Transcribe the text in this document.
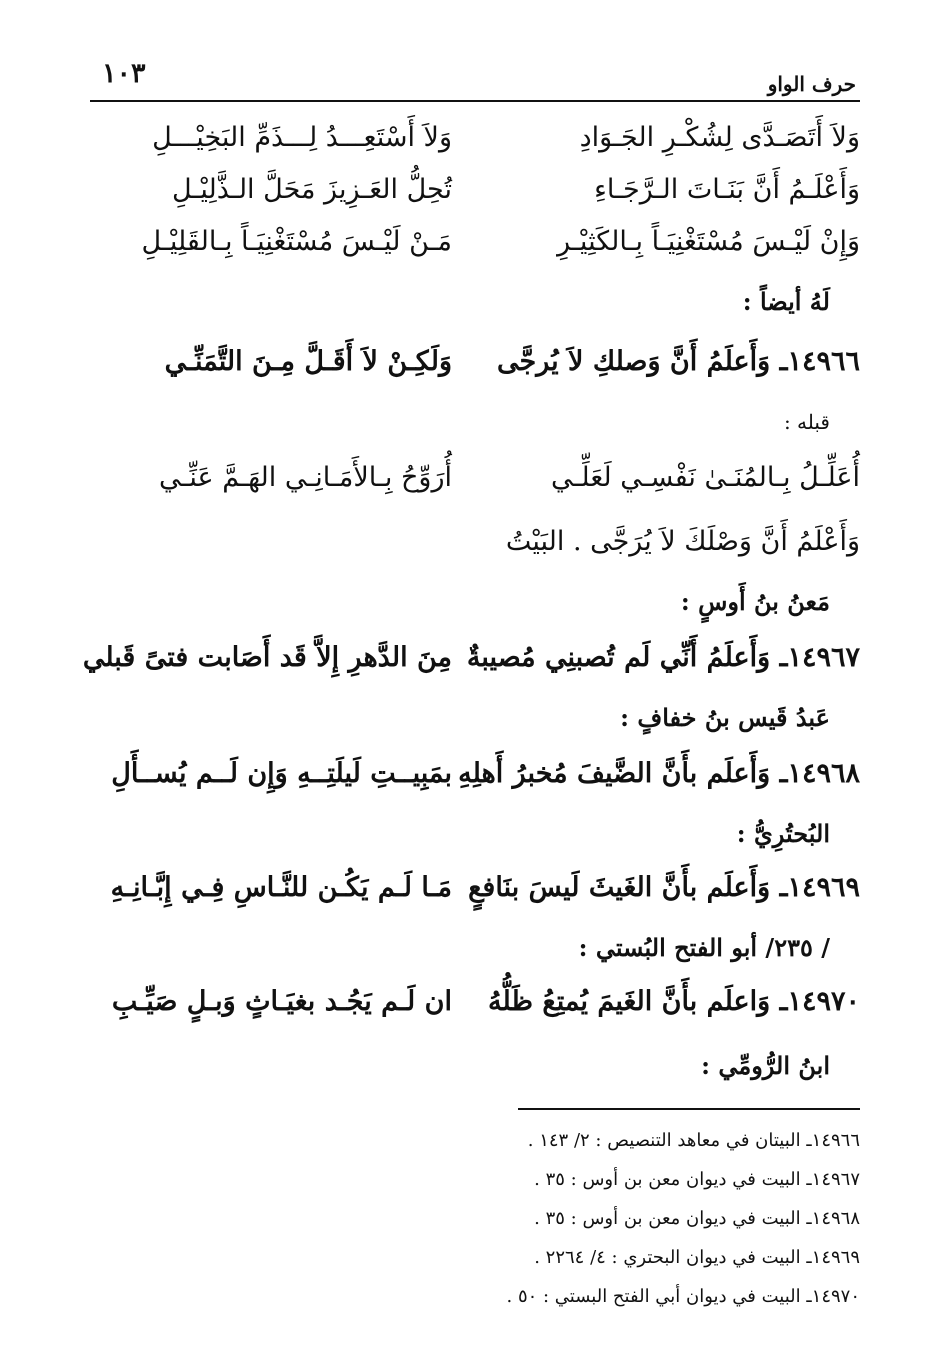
١٠٣	حرف الواو
وَلاَ أَتَصَـدَّى لِشُكْـرِ الجَـوَادِ
وَلاَ أَسْتَعِـــدُ لِـــذَمِّ البَخِيْـــلِ
وَأَعْلَـمُ أَنَّ بَنَـاتَ الـرَّجَـاءِ
تُحِلُّ العَـزِيزَ مَحَلَّ الـذَّلِيْـلِ
وَإِنْ لَيْـسَ مُسْتَغْنِيَـاً بِـالكَثِيْـرِ
مَـنْ لَيْـسَ مُسْتَغْنِيَـاً بِـالقَلِيْـلِ
لَهُ أيضاً :
١٤٩٦٦ـ وَأَعلَمُ أَنَّ وَصلكِ لاَ يُرجَّى
وَلَكِـنْ لاَ أَقَـلَّ مِـنَ التَّمَنِّـي
قبله :
أُعَلِّـلُ بِـالمُنَـىٰ نَفْسِـي لَعَلِّـي
أُرَوِّحُ بِـالأَمَـانِـي الهَـمَّ عَنِّـي
وَأَعْلَمُ أَنَّ وَصْلَكَ لاَ يُرَجَّى . البَيْتُ
مَعنُ بنُ أَوسٍ :
١٤٩٦٧ـ وَأَعلَمُ أَنِّي لَم تُصبنِي مُصيبةٌ
مِنَ الدَّهرِ إِلاَّ قَد أَصَابت فتىً قَبلي
عَبدُ قَيس بنُ خفافٍ :
١٤٩٦٨ـ وَأَعلَم بأَنَّ الضَّيفَ مُخبرُ أَهلِهِ
بمَبِيــتِ لَيلَتِــهِ وَإِن لَــم يُســأَلِ
البُحتُرِيُّ :
١٤٩٦٩ـ وَأَعلَم بأَنَّ الغَيثَ لَيسَ بنَافعٍ
مَـا لَـم يَكُـن للنَّـاسِ فِـي إِبَّـانِـهِ
/ ٢٣٥/ أبو الفتح البُستي :
١٤٩٧٠ـ وَاعلَم بأَنَّ الغَيمَ يُمتِعُ ظَلُّهُ
ان لَـم يَجُـد بغيَـاثٍ وَبـلٍ صَيِّـبِ
ابنُ الرُّومِّي :
١٤٩٦٦ـ البيتان في معاهد التنصيص : ٢/ ١٤٣ .
١٤٩٦٧ـ البيت في ديوان معن بن أوس : ٣٥ .
١٤٩٦٨ـ البيت في ديوان معن بن أوس : ٣٥ .
١٤٩٦٩ـ البيت في ديوان البحتري : ٤/ ٢٢٦٤ .
١٤٩٧٠ـ البيت في ديوان أبي الفتح البستي : ٥٠ .
